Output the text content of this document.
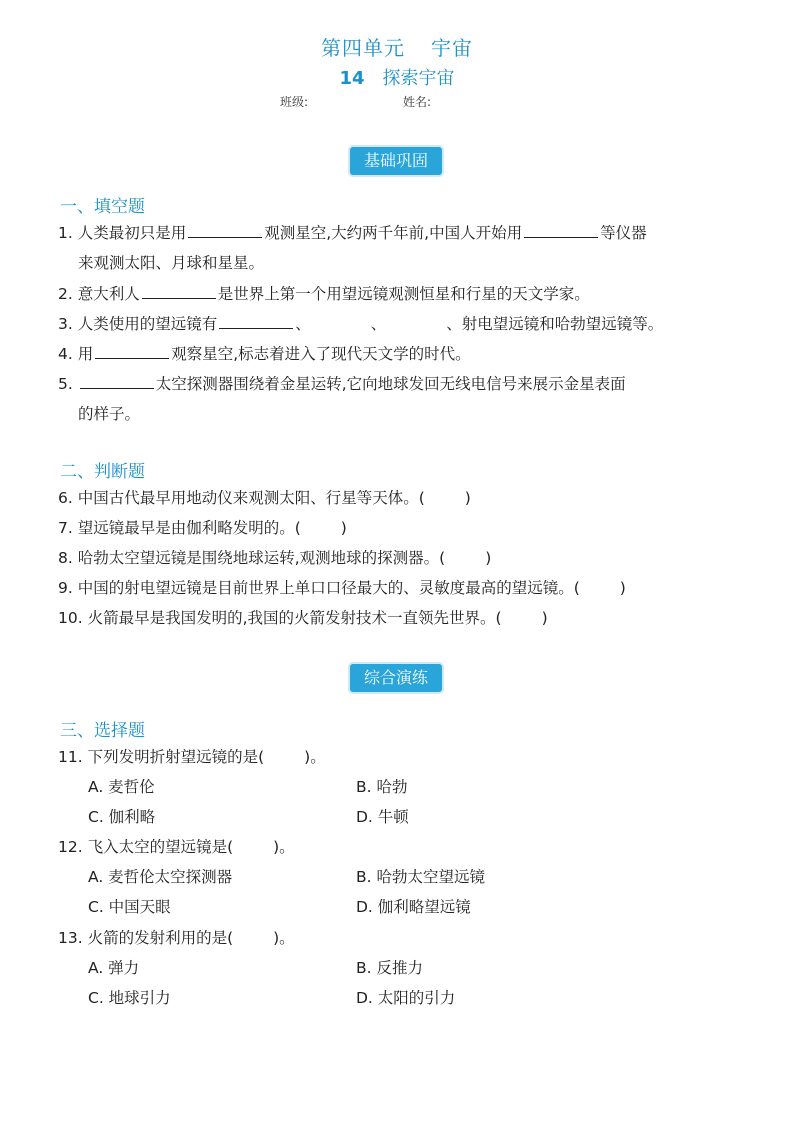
第四单元 宇宙
14 探索宇宙
班级:	姓名:
基础巩固
一、填空题
1. 人类最初只是用	观测星空,大约两千年前,中国人开始用	等仪器
来观测太阳、月球和星星。
2. 意大利人	是世界上第一个用望远镜观测恒星和行星的天文学家。
3. 人类使用的望远镜有	、	、	、射电望远镜和哈勃望远镜等。
4. 用	观察星空,标志着进入了现代天文学的时代。
5.	太空探测器围绕着金星运转,它向地球发回无线电信号来展示金星表面
的样子。
二、判断题
6. 中国古代最早用地动仪来观测太阳、行星等天体。(	)
7. 望远镜最早是由伽利略发明的。(	)
8. 哈勃太空望远镜是围绕地球运转,观测地球的探测器。(	)
9. 中国的射电望远镜是目前世界上单口口径最大的、灵敏度最高的望远镜。(	)
10. 火箭最早是我国发明的,我国的火箭发射技术一直领先世界。(	)
综合演练
三、选择题
11. 下列发明折射望远镜的是(	)。
A. 麦哲伦	B. 哈勃
C. 伽利略	D. 牛顿
12. 飞入太空的望远镜是(	)。
A. 麦哲伦太空探测器	B. 哈勃太空望远镜
C. 中国天眼	D. 伽利略望远镜
13. 火箭的发射利用的是(	)。
A. 弹力	B. 反推力
C. 地球引力	D. 太阳的引力
